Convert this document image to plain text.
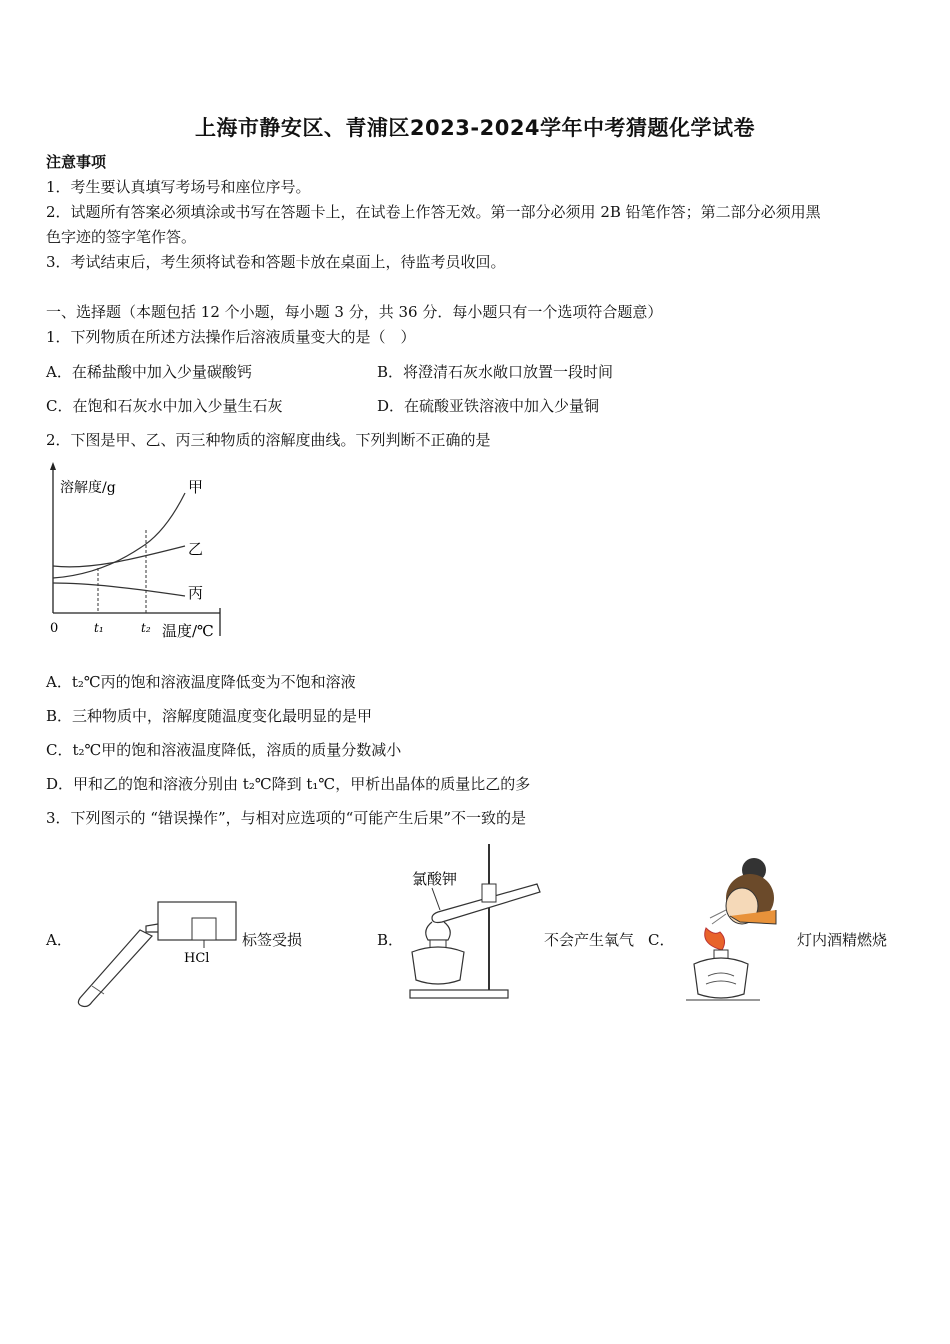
上海市静安区、青浦区2023-2024学年中考猜题化学试卷
注意事项
1．考生要认真填写考场号和座位序号。
2．试题所有答案必须填涂或书写在答题卡上，在试卷上作答无效。第一部分必须用 2B 铅笔作答；第二部分必须用黑
色字迹的签字笔作答。
3．考试结束后，考生须将试卷和答题卡放在桌面上，待监考员收回。
一、选择题（本题包括 12 个小题，每小题 3 分，共 36 分．每小题只有一个选项符合题意）
1．下列物质在所述方法操作后溶液质量变大的是（　）
A．在稀盐酸中加入少量碳酸钙	B．将澄清石灰水敞口放置一段时间
C．在饱和石灰水中加入少量生石灰	D．在硫酸亚铁溶液中加入少量铜
2．下图是甲、乙、丙三种物质的溶解度曲线。下列判断不正确的是
溶解度/g	甲
乙
丙
0	t₁	t₂ 温度/℃
A．t₂℃丙的饱和溶液温度降低变为不饱和溶液
B．三种物质中，溶解度随温度变化最明显的是甲
C．t₂℃甲的饱和溶液温度降低，溶质的质量分数减小
D．甲和乙的饱和溶液分别由 t₂℃降到 t₁℃，甲析出晶体的质量比乙的多
3．下列图示的 “错误操作”，与相对应选项的“可能产生后果”不一致的是
A．
HCl
标签受损	B．
氯酸钾
不会产生氧气 C．	灯内酒精燃烧
